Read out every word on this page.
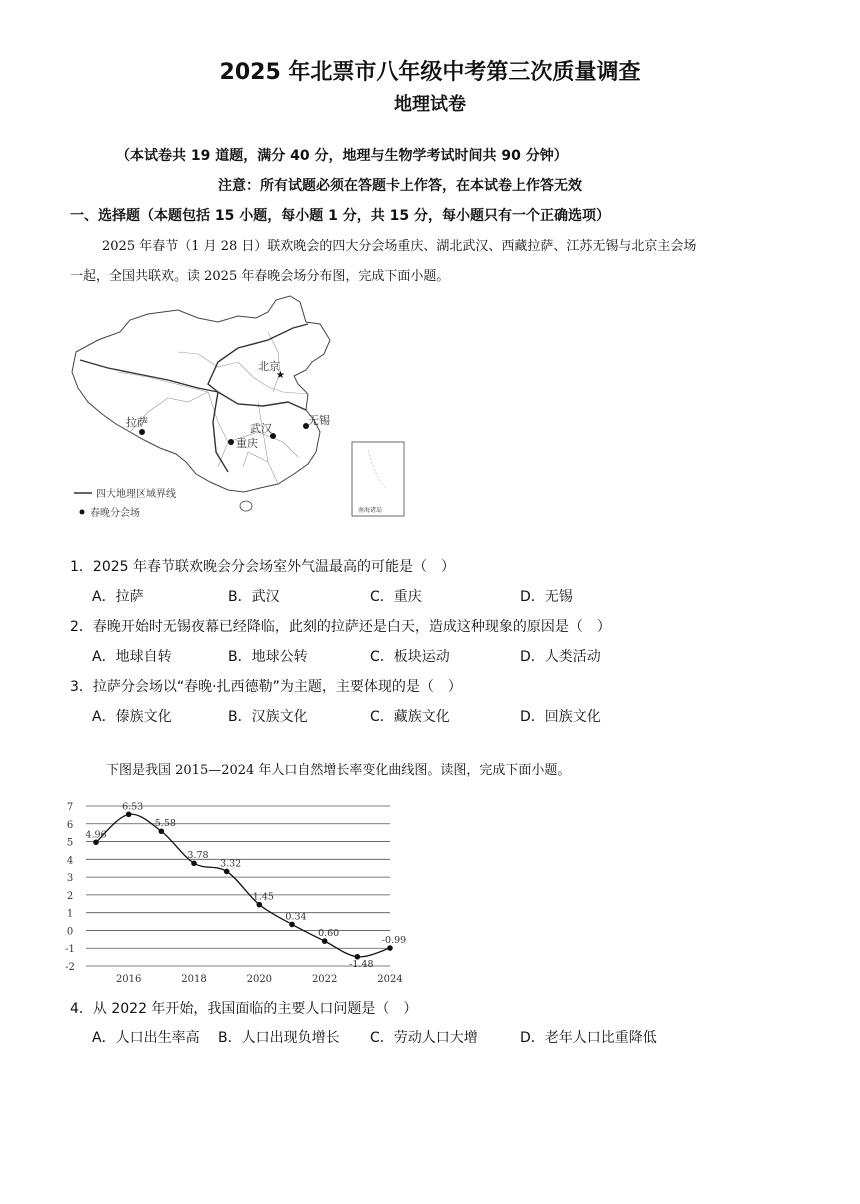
2025 年北票市八年级中考第三次质量调查
地理试卷
（本试卷共 19 道题，满分 40 分，地理与生物学考试时间共 90 分钟）
注意：所有试题必须在答题卡上作答，在本试卷上作答无效
一、选择题（本题包括 15 小题，每小题 1 分，共 15 分，每小题只有一个正确选项）
2025 年春节（1 月 28 日）联欢晚会的四大分会场重庆、湖北武汉、西藏拉萨、江苏无锡与北京主会场
一起，全国共联欢。读 2025 年春晚会场分布图，完成下面小题。
南海诸岛
★
北京
拉萨	武汉
重庆
无锡
四大地理区域界线
春晚分会场
1．2025 年春节联欢晚会分会场室外气温最高的可能是（　）
A．拉萨	B．武汉	C．重庆	D．无锡
2．春晚开始时无锡夜幕已经降临，此刻的拉萨还是白天，造成这种现象的原因是（　）
A．地球自转	B．地球公转	C．板块运动	D．人类活动
3．拉萨分会场以“春晚·扎西德勒”为主题，主要体现的是（　）
A．傣族文化	B．汉族文化	C．藏族文化	D．回族文化
下图是我国 2015—2024 年人口自然增长率变化曲线图。读图，完成下面小题。
7
6
5
4
3
2
1
0
-1
-2
2016	2018	2020	2022	2024
4.96
6.53
5.58
3.78
3.32
1.45
0.34
0.60
-1.48
-0.99
4．从 2022 年开始，我国面临的主要人口问题是（　）
A．人口出生率高 B．人口出现负增长 C．劳动人口大增	D．老年人口比重降低
